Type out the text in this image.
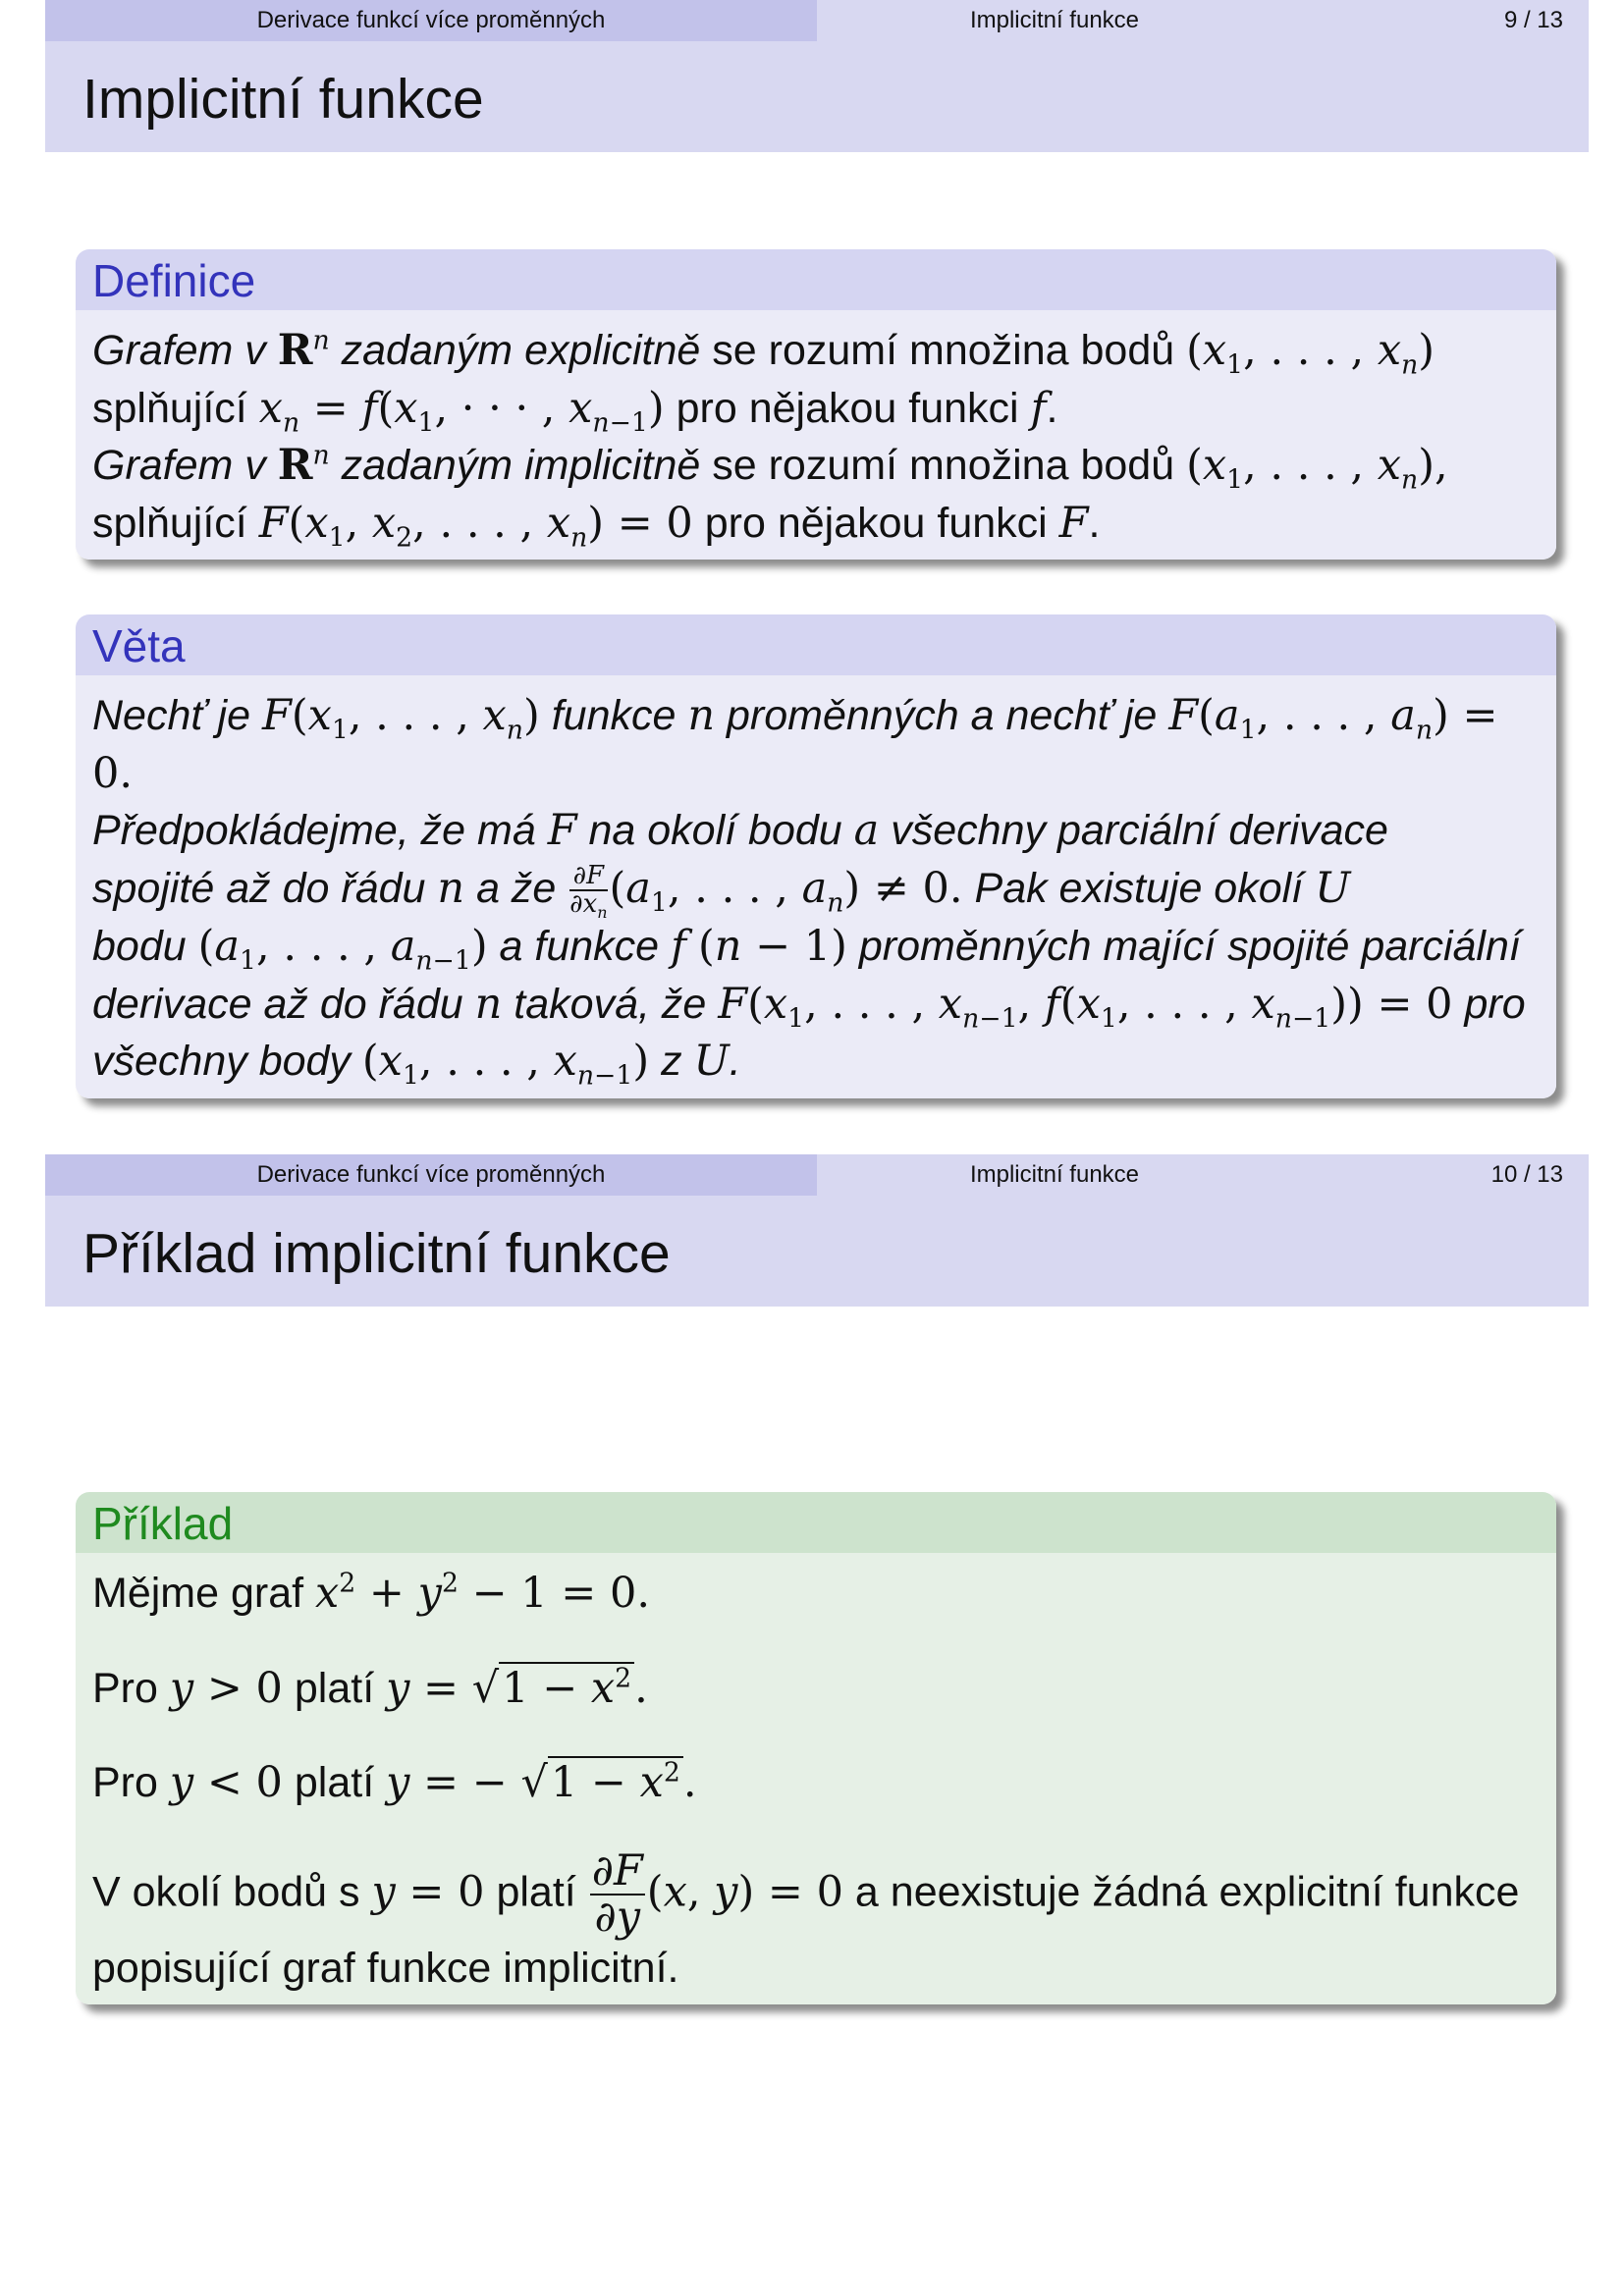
Derivace funkcí více proměnných	Implicitní funkce	9 / 13
Implicitní funkce
Definice
Grafem v $R^n$ zadaným explicitně se rozumí množina bodů ($x_1$, . . . , $x_n$)
splňující $x_n = f(x_1$, · · · , $x_{n-1}$) pro nějakou funkci f.
Grafem v $R^n$ zadaným implicitně se rozumí množina bodů ($x_1$, . . . , $x_n$),
splňující $F(x_1$, $x_2$, . . . , $x_n) = 0$ pro nějakou funkci F.
Věta
Nechť je $F(x_1$, . . . , $x_n$) funkce n proměnných a nechť je $F(a_1$, . . . , $a_n) = 0$.
Předpokládejme, že má F na okolí bodu a všechny parciální derivace
spojité až do řádu n a že $\frac{\partial F}{\partial x_n} (a_1$, . . . , $a_n) \ne 0$. Pak existuje okolí U
bodu ($a_1$, . . . , $a_{n-1}$) a funkce f (n − 1) proměnných mající spojité parciální
derivace až do řádu n taková, že $F(x_1$, . . . , $x_{n-1}$, $f(x_1$, . . . , $x_{n-1})) = 0$ pro
všechny body ($x_1$, . . . , $x_{n-1}$) z U.
Derivace funkcí více proměnných	Implicitní funkce	10 / 13
Příklad implicitní funkce
Příklad
Mějme graf $x^2 + y^2 - 1 = 0$.
Pro y > 0 platí $y = √1 - x^2$.
Pro y < 0 platí y = − $√1 - x^2$.
V okolí bodů s y = 0 platí $\frac{\partial F}{\partial y} (x$, y) = 0 a neexistuje žádná explicitní funkce
popisující graf funkce implicitní.
